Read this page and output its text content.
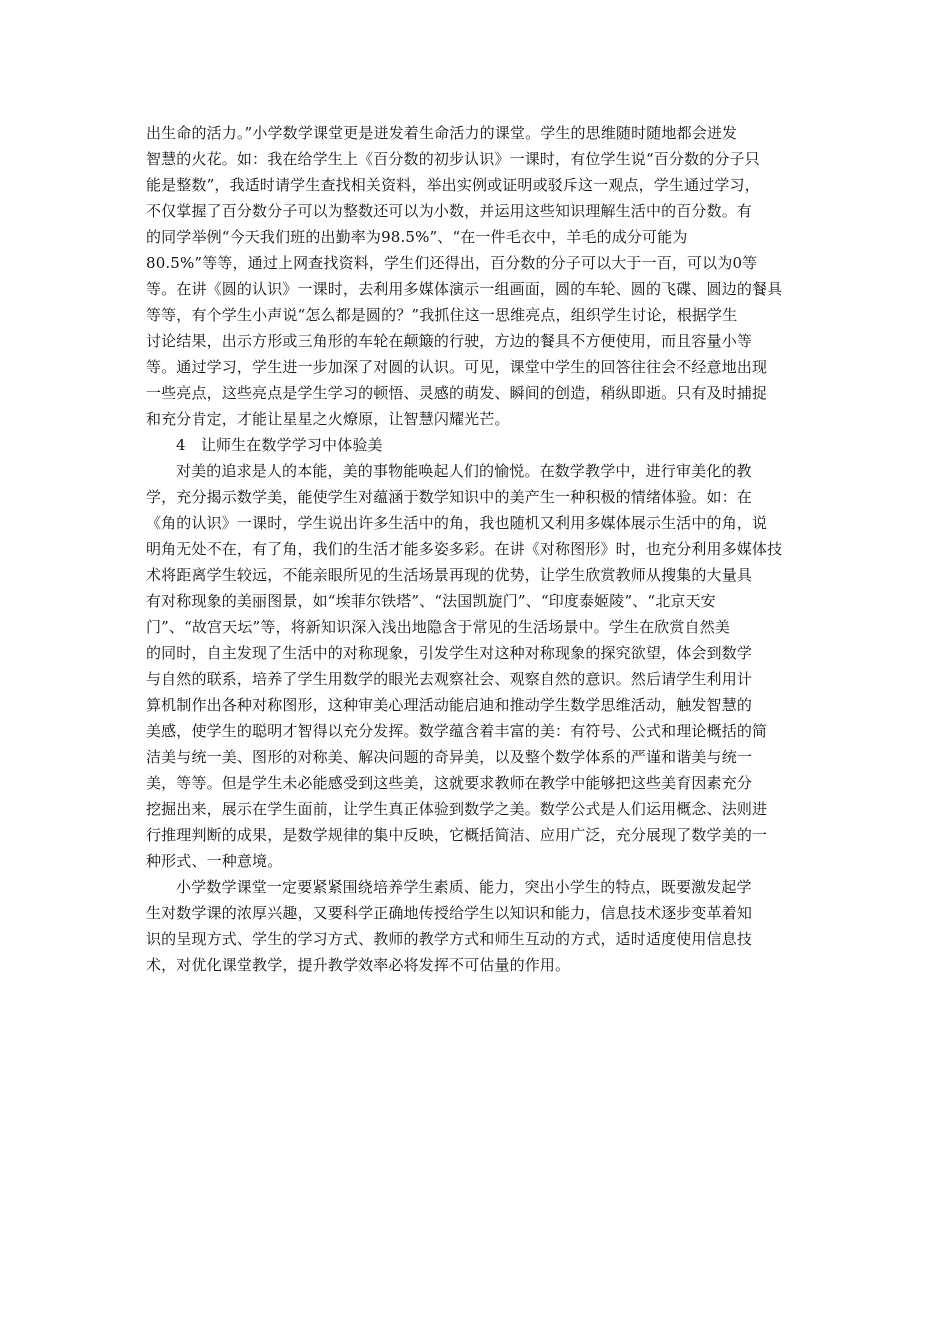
出生命的活力。”小学数学课堂更是迸发着生命活力的课堂。学生的思维随时随地都会迸发
智慧的火花。如：我在给学生上《百分数的初步认识》一课时，有位学生说“百分数的分子只
能是整数”，我适时请学生查找相关资料，举出实例或证明或驳斥这一观点，学生通过学习，
不仅掌握了百分数分子可以为整数还可以为小数，并运用这些知识理解生活中的百分数。有
的同学举例“今天我们班的出勤率为98.5%”、“在一件毛衣中，羊毛的成分可能为
80.5%”等等，通过上网查找资料，学生们还得出，百分数的分子可以大于一百，可以为0等
等。在讲《圆的认识》一课时，去利用多媒体演示一组画面，圆的车轮、圆的飞碟、圆边的餐具
等等，有个学生小声说“怎么都是圆的？”我抓住这一思维亮点，组织学生讨论，根据学生
讨论结果，出示方形或三角形的车轮在颠簸的行驶，方边的餐具不方便使用，而且容量小等
等。通过学习，学生进一步加深了对圆的认识。可见，课堂中学生的回答往往会不经意地出现
一些亮点，这些亮点是学生学习的顿悟、灵感的萌发、瞬间的创造，稍纵即逝。只有及时捕捉
和充分肯定，才能让星星之火燎原，让智慧闪耀光芒。
4　让师生在数学学习中体验美
对美的追求是人的本能，美的事物能唤起人们的愉悦。在数学教学中，进行审美化的教
学，充分揭示数学美，能使学生对蕴涵于数学知识中的美产生一种积极的情绪体验。如：在
《角的认识》一课时，学生说出许多生活中的角，我也随机又利用多媒体展示生活中的角，说
明角无处不在，有了角，我们的生活才能多姿多彩。在讲《对称图形》时，也充分利用多媒体技
术将距离学生较远，不能亲眼所见的生活场景再现的优势，让学生欣赏教师从搜集的大量具
有对称现象的美丽图景，如“埃菲尔铁塔”、“法国凯旋门”、“印度泰姬陵”、“北京天安
门”、“故宫天坛”等，将新知识深入浅出地隐含于常见的生活场景中。学生在欣赏自然美
的同时，自主发现了生活中的对称现象，引发学生对这种对称现象的探究欲望，体会到数学
与自然的联系，培养了学生用数学的眼光去观察社会、观察自然的意识。然后请学生利用计
算机制作出各种对称图形，这种审美心理活动能启迪和推动学生数学思维活动，触发智慧的
美感，使学生的聪明才智得以充分发挥。数学蕴含着丰富的美：有符号、公式和理论概括的简
洁美与统一美、图形的对称美、解决问题的奇异美，以及整个数学体系的严谨和谐美与统一
美，等等。但是学生未必能感受到这些美，这就要求教师在教学中能够把这些美育因素充分
挖掘出来，展示在学生面前，让学生真正体验到数学之美。数学公式是人们运用概念、法则进
行推理判断的成果，是数学规律的集中反映，它概括简洁、应用广泛，充分展现了数学美的一
种形式、一种意境。
小学数学课堂一定要紧紧围绕培养学生素质、能力，突出小学生的特点，既要激发起学
生对数学课的浓厚兴趣，又要科学正确地传授给学生以知识和能力，信息技术逐步变革着知
识的呈现方式、学生的学习方式、教师的教学方式和师生互动的方式，适时适度使用信息技
术，对优化课堂教学，提升教学效率必将发挥不可估量的作用。
